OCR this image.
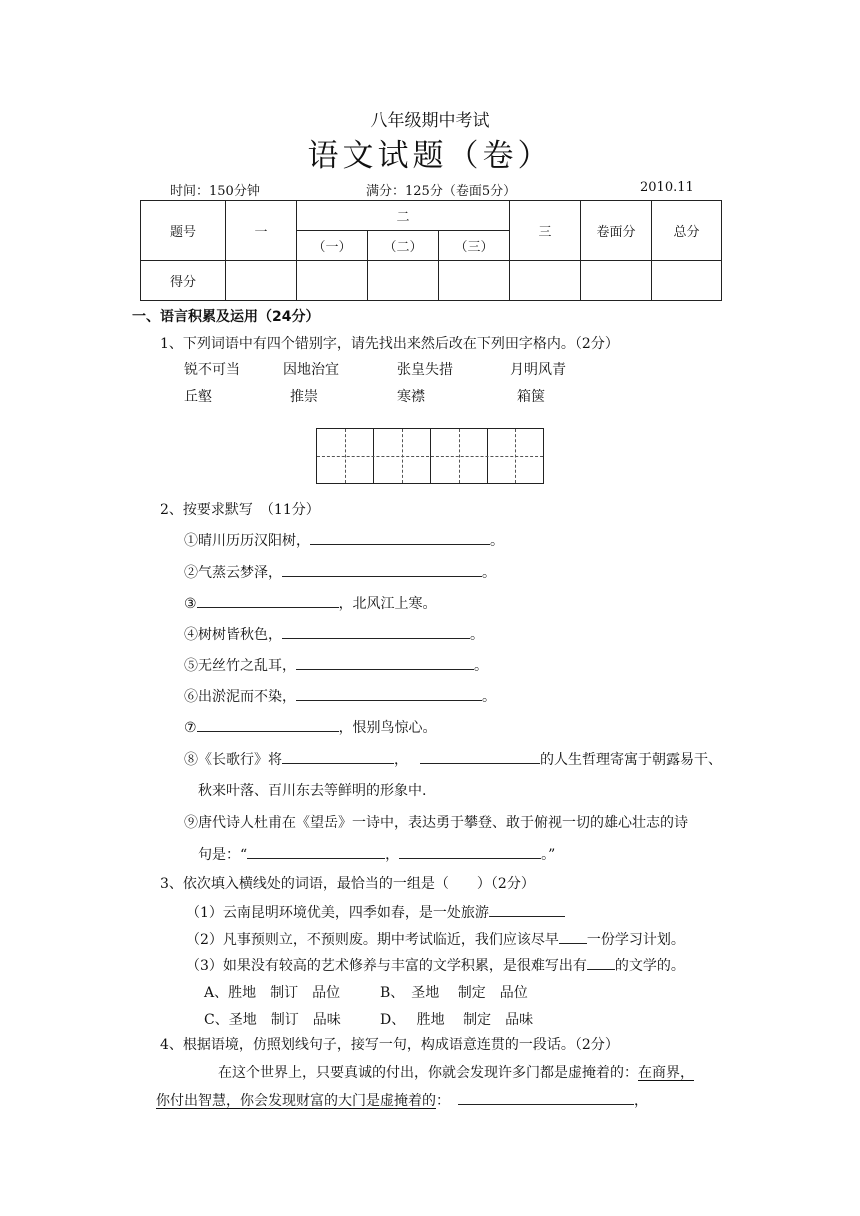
八年级期中考试
语文试题（卷）
时间：150分钟	满分：125分（卷面5分）	2010.11
题号	一	二			三	卷面分	总分
		（一）	（二）	（三）			
得分							
一、语言积累及运用（24分）
1、下列词语中有四个错别字，请先找出来然后改在下列田字格内。（2分）
锐不可当	因地治宜	张皇失措	月明风青
丘壑	推崇	寒襟	箱箧
2、按要求默写　（11分）
①晴川历历汉阳树，	。
②气蒸云梦泽，	。
③	，北风江上寒。
④树树皆秋色，	。
⑤无丝竹之乱耳，	。
⑥出淤泥而不染，	。
⑦	，恨别鸟惊心。
⑧《长歌行》将	，	的人生哲理寄寓于朝露易干、
秋来叶落、百川东去等鲜明的形象中.
⑨唐代诗人杜甫在《望岳》一诗中，表达勇于攀登、敢于俯视一切的雄心壮志的诗
句是：“	，	。”
3、依次填入横线处的词语，最恰当的一组是（　　）（2分）
（1）云南昆明环境优美，四季如春，是一处旅游
（2）凡事预则立，不预则废。期中考试临近，我们应该尽早 一份学习计划。
（3）如果没有较高的艺术修养与丰富的文学积累，是很难写出有 的文学的。
A、胜地　制订　品位	B、　圣地　 制定　品位
C、圣地　制订　品味	D、　 胜地　 制定　品味
4、根据语境，仿照划线句子，接写一句，构成语意连贯的一段话。（2分）
在这个世界上，只要真诚的付出，你就会发现许多门都是虚掩着的：在商界，
你付出智慧，你会发现财富的大门是虚掩着的：	，
